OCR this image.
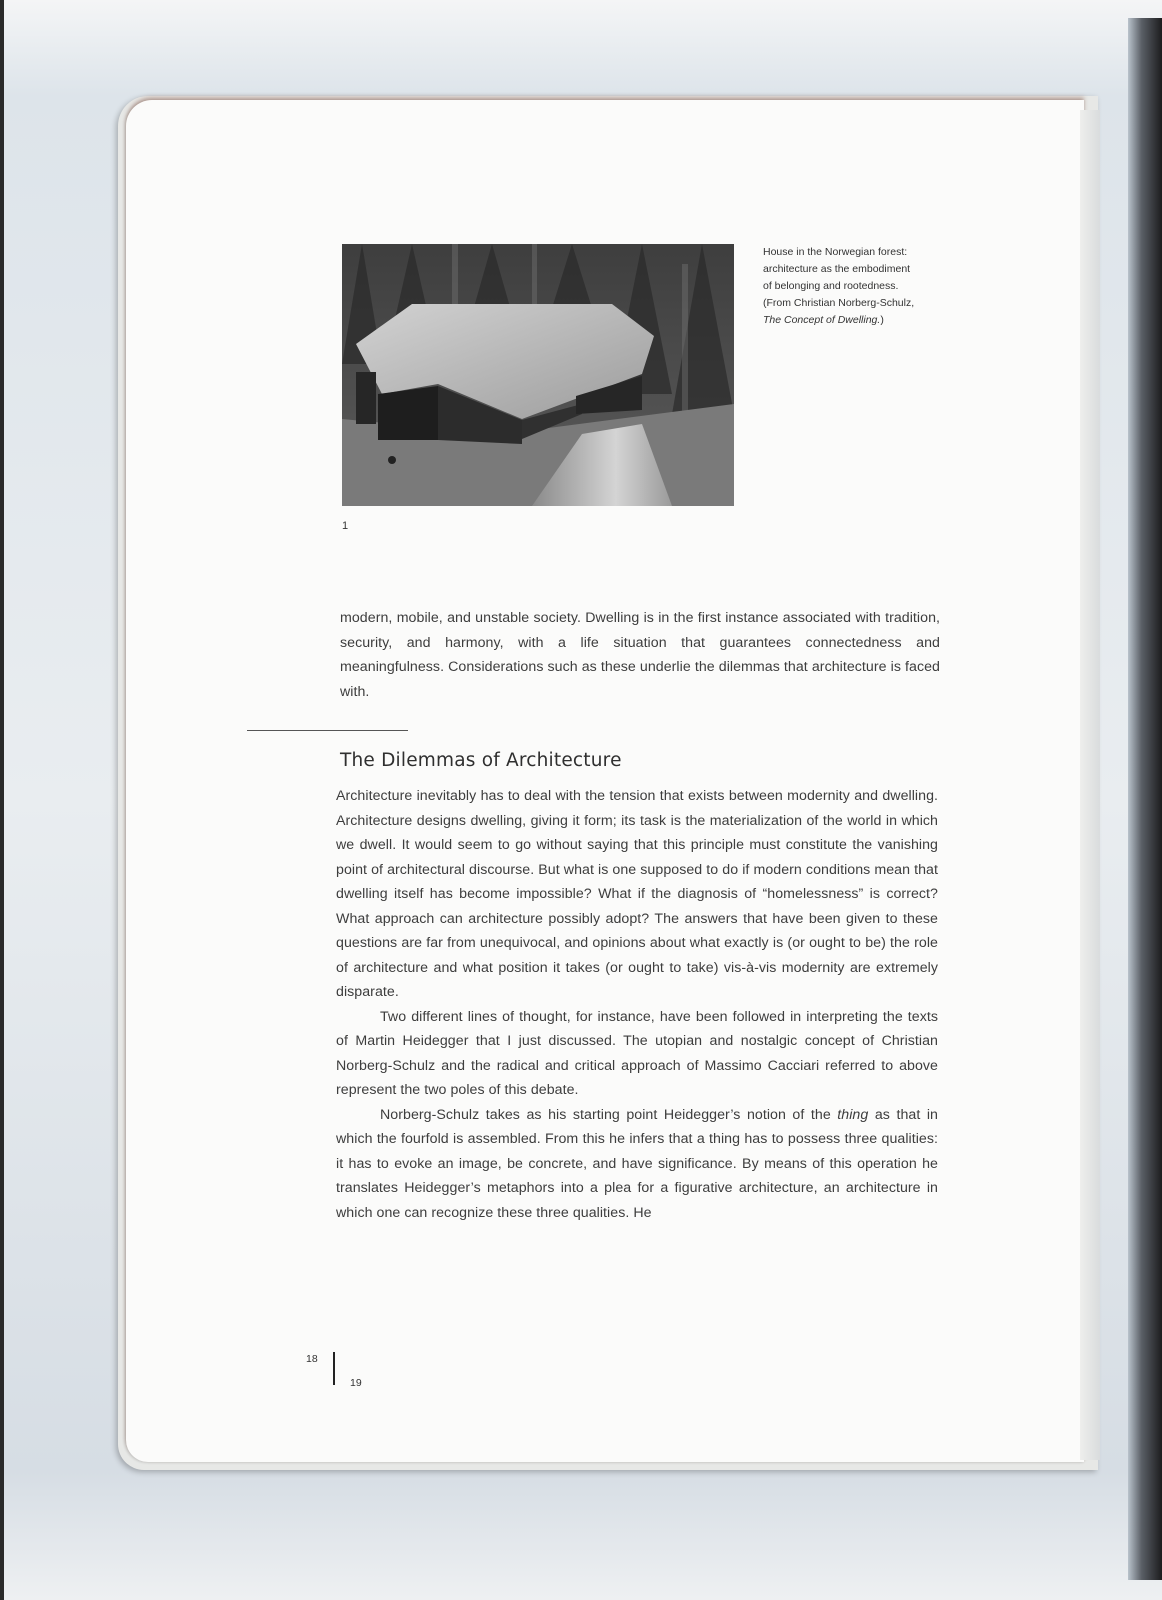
House in the Norwegian forest:

architecture as the embodiment

of belonging and rootedness.

(From Christian Norberg-Schulz,
The Concept of Dwelling.)

1

modern, mobile, and unstable society. Dwelling is in the first instance associated with tradition, security, and harmony, with a life situation that guarantees connectedness and meaningfulness. Considerations such as these underlie the dilemmas that architecture is faced with.

The Dilemmas of Architecture

Architecture inevitably has to deal with the tension that exists between modernity and dwelling. Architecture designs dwelling, giving it form; its task is the materialization of the world in which we dwell. It would seem to go without saying that this principle must constitute the vanishing point of architectural discourse. But what is one supposed to do if modern conditions mean that dwelling itself has become impossible? What if the diagnosis of “homelessness” is correct? What approach can architecture possibly adopt? The answers that have been given to these questions are far from unequivocal, and opinions about what exactly is (or ought to be) the role of architecture and what position it takes (or ought to take) vis-à-vis modernity are extremely disparate.

Two different lines of thought, for instance, have been followed in interpreting the texts of Martin Heidegger that I just discussed. The utopian and nostalgic concept of Christian Norberg-Schulz and the radical and critical approach of Massimo Cacciari referred to above represent the two poles of this debate.

Norberg-Schulz takes as his starting point Heidegger’s notion of the thing as that in which the fourfold is assembled. From this he infers that a thing has to possess three qualities: it has to evoke an image, be concrete, and have significance. By means of this operation he translates Heidegger’s metaphors into a plea for a figurative architecture, an architecture in which one can recognize these three qualities. He

18
19
